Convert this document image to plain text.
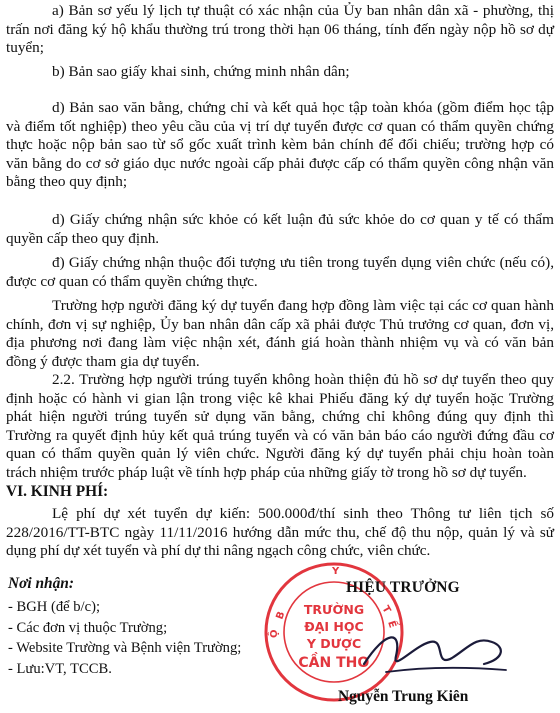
a) Bản sơ yếu lý lịch tự thuật có xác nhận của Ủy ban nhân dân xã - phường, thị trấn nơi đăng ký hộ khẩu thường trú trong thời hạn 06 tháng, tính đến ngày nộp hồ sơ dự tuyển;

b) Bản sao giấy khai sinh, chứng minh nhân dân;

d) Bản sao văn bằng, chứng chỉ và kết quả học tập toàn khóa (gồm điểm học tập và điểm tốt nghiệp) theo yêu cầu của vị trí dự tuyển được cơ quan có thẩm quyền chứng thực hoặc nộp bản sao từ sổ gốc xuất trình kèm bản chính để đối chiếu; trường hợp có văn bằng do cơ sở giáo dục nước ngoài cấp phải được cấp có thẩm quyền công nhận văn bằng theo quy định;

d) Giấy chứng nhận sức khỏe có kết luận đủ sức khỏe do cơ quan y tế có thẩm quyền cấp theo quy định.

đ) Giấy chứng nhận thuộc đối tượng ưu tiên trong tuyển dụng viên chức (nếu có), được cơ quan có thẩm quyền chứng thực.

Trường hợp người đăng ký dự tuyển đang hợp đồng làm việc tại các cơ quan hành chính, đơn vị sự nghiệp, Ủy ban nhân dân cấp xã phải được Thủ trưởng cơ quan, đơn vị, địa phương nơi đang làm việc nhận xét, đánh giá hoàn thành nhiệm vụ và có văn bản đồng ý được tham gia dự tuyển.

2.2. Trường hợp người trúng tuyển không hoàn thiện đủ hồ sơ dự tuyển theo quy định hoặc có hành vi gian lận trong việc kê khai Phiếu đăng ký dự tuyển hoặc Trường phát hiện người trúng tuyển sử dụng văn bằng, chứng chỉ không đúng quy định thì Trường ra quyết định hủy kết quả trúng tuyển và có văn bản báo cáo người đứng đầu cơ quan có thẩm quyền quản lý viên chức. Người đăng ký dự tuyển phải chịu hoàn toàn trách nhiệm trước pháp luật về tính hợp pháp của những giấy tờ trong hồ sơ dự tuyển.

VI. KINH PHÍ:

Lệ phí dự xét tuyển dự kiến: 500.000đ/thí sinh theo Thông tư liên tịch số 228/2016/TT-BTC ngày 11/11/2016 hướng dẫn mức thu, chế độ thu nộp, quản lý và sử dụng phí dự xét tuyển và phí dự thi nâng ngạch công chức, viên chức.

Nơi nhận:
- BGH (để b/c);
- Các đơn vị thuộc Trường;
- Website Trường và Bệnh viện Trường;
- Lưu:VT, TCCB.
TRƯỜNG
ĐẠI HỌC
Y DƯỢC
CẦN THƠ
B
Ộ
T
Ế
Y
HIỆU TRƯỞNG
Nguyễn Trung Kiên
